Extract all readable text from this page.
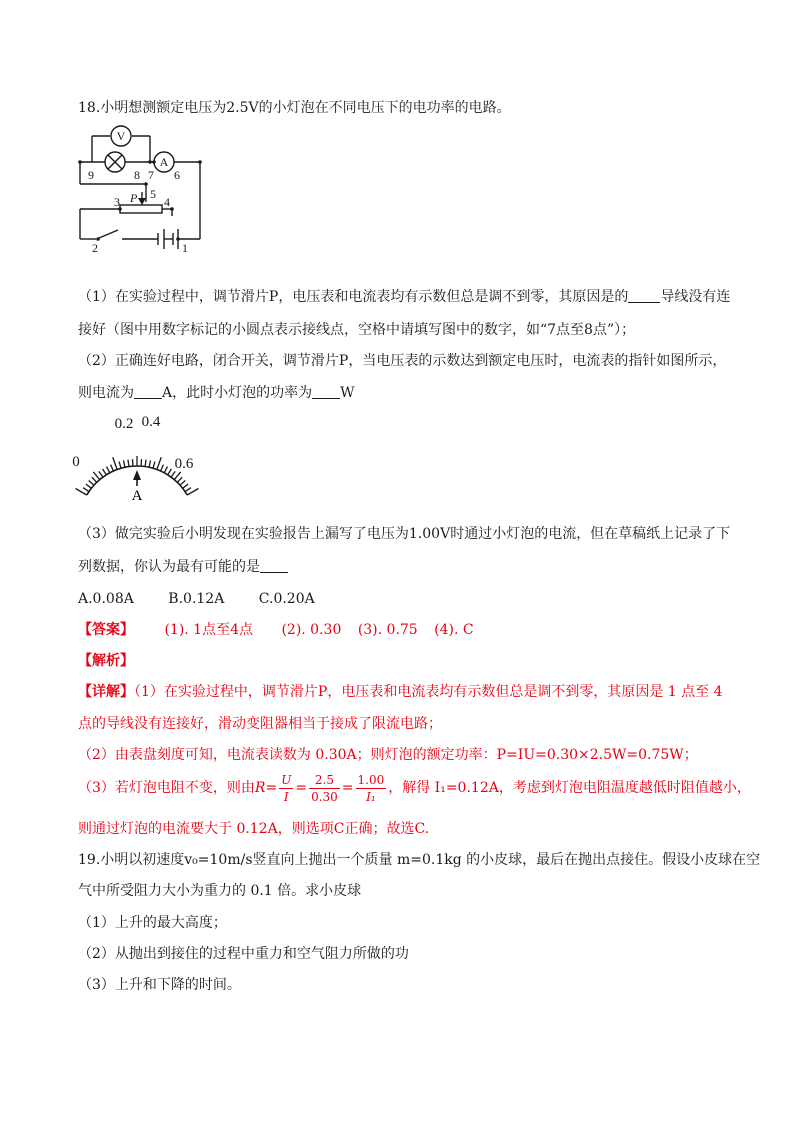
18.小明想测额定电压为2.5V的小灯泡在不同电压下的电功率的电路。
V
A
P
9	8 7 6
5
3	4
2	1
（1）在实验过程中，调节滑片P，电压表和电流表均有示数但总是调不到零，其原因是的 导线没有连
接好（图中用数字标记的小圆点表示接线点，空格中请填写图中的数字，如“7点至8点”）；
（2）正确连好电路，闭合开关，调节滑片P，当电压表的示数达到额定电压时，电流表的指针如图所示，
则电流为 A，此时小灯泡的功率为 W
0
0.2 0.4
0.6
A
（3）做完实验后小明发现在实验报告上漏写了电压为1.00V时通过小灯泡的电流，但在草稿纸上记录了下
列数据，你认为最有可能的是
A.0.08A B.0.12A C.0.20A
【答案】 (1). 1点至4点 (2). 0.30 (3). 0.75 (4). C
【解析】
【详解】（1）在实验过程中，调节滑片P，电压表和电流表均有示数但总是调不到零，其原因是 1 点至 4
点的导线没有连接好，滑动变阻器相当于接成了限流电路；
（2）由表盘刻度可知，电流表读数为 0.30A；则灯泡的额定功率：P=IU=0.30×2.5W=0.75W；
（3）若灯泡电阻不变，则由$R= \frac{U}{I} = \frac{2.5}{0.30} = \frac{1.00}{\text{I₁}}$ ，解得 I₁=0.12A，考虑到灯泡电阻温度越低时阻值越小，
则通过灯泡的电流要大于 0.12A，则选项C正确；故选C.
19.小明以初速度v₀=10m/s竖直向上抛出一个质量 m=0.1kg 的小皮球，最后在抛出点接住。假设小皮球在空
气中所受阻力大小为重力的 0.1 倍。求小皮球
（1）上升的最大高度；
（2）从抛出到接住的过程中重力和空气阻力所做的功
（3）上升和下降的时间。
